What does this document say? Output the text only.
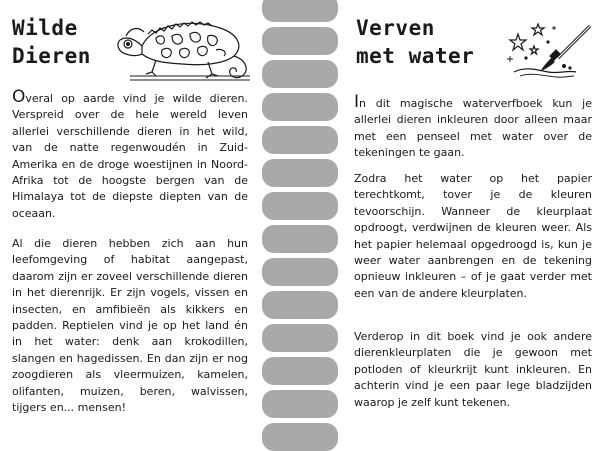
Wilde
Dieren

Overal op aarde vind je wilde dieren. Verspreid over de hele wereld leven allerlei verschillende dieren in het wild, van de natte regenwoudén in Zuid-Amerika en de droge woestijnen in Noord-Afrika tot de hoogste bergen van de Himalaya tot de diepste diepten van de oceaan.

Al die dieren hebben zich aan hun leefomgeving of habitat aangepast, daarom zijn er zoveel verschillende dieren in het dierenrijk. Er zijn vogels, vissen en insecten, en amfibieën als kikkers en padden. Reptielen vind je op het land én in het water: denk aan krokodillen, slangen en hagedissen. En dan zijn er nog zoogdieren als vleermuizen, kamelen, olifanten, muizen, beren, walvissen, tijgers en... mensen!

Verven
met water

In dit magische waterverfboek kun je allerlei dieren inkleuren door alleen maar met een penseel met water over de tekeningen te gaan.

Zodra het water op het papier terechtkomt, tover je de kleuren tevoorschijn. Wanneer de kleurplaat opdroogt, verdwijnen de kleuren weer. Als het papier helemaal opgedroogd is, kun je weer water aanbrengen en de tekening opnieuw inkleuren – of je gaat verder met een van de andere kleurplaten.

Verderop in dit boek vind je ook andere dierenkleurplaten die je gewoon met potloden of kleurkrijt kunt inkleuren. En achterin vind je een paar lege bladzijden waarop je zelf kunt tekenen.
